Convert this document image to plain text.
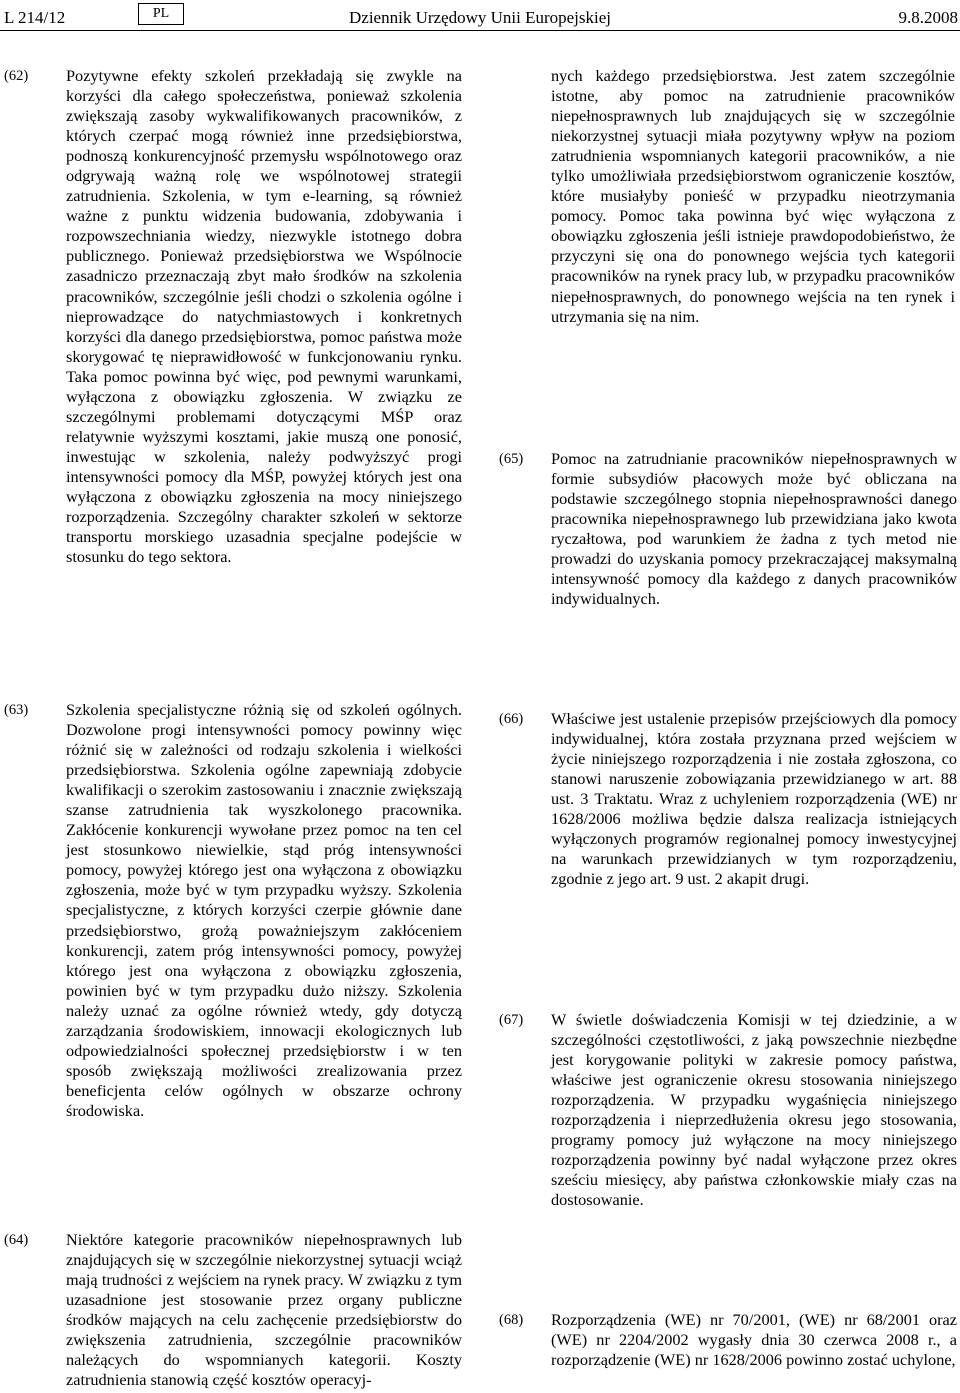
L 214/12	PL	Dziennik Urzędowy Unii Europejskiej	9.8.2008
(62) Pozytywne efekty szkoleń przekładają się zwykle na korzyści dla całego społeczeństwa, ponieważ szkolenia zwiększają zasoby wykwalifikowanych pracowników, z których czerpać mogą również inne przedsiębiorstwa, podnoszą konkurencyjność przemysłu wspólnotowego oraz odgrywają ważną rolę we wspólnotowej strategii zatrudnienia. Szkolenia, w tym e-learning, są również ważne z punktu widzenia budowania, zdobywania i rozpowszechniania wiedzy, niezwykle istotnego dobra publicznego. Ponieważ przedsiębiorstwa we Wspólnocie zasadniczo przeznaczają zbyt mało środków na szkolenia pracowników, szczególnie jeśli chodzi o szkolenia ogólne i nieprowadzące do natychmiastowych i konkretnych korzyści dla danego przedsiębiorstwa, pomoc państwa może skorygować tę nieprawidłowość w funkcjonowaniu rynku. Taka pomoc powinna być więc, pod pewnymi warunkami, wyłączona z obowiązku zgłoszenia. W związku ze szczególnymi problemami dotyczącymi MŚP oraz relatywnie wyższymi kosztami, jakie muszą one ponosić, inwestując w szkolenia, należy podwyższyć progi intensywności pomocy dla MŚP, powyżej których jest ona wyłączona z obowiązku zgłoszenia na mocy niniejszego rozporządzenia. Szczególny charakter szkoleń w sektorze transportu morskiego uzasadnia specjalne podejście w stosunku do tego sektora.
(63) Szkolenia specjalistyczne różnią się od szkoleń ogólnych. Dozwolone progi intensywności pomocy powinny więc różnić się w zależności od rodzaju szkolenia i wielkości przedsiębiorstwa. Szkolenia ogólne zapewniają zdobycie kwalifikacji o szerokim zastosowaniu i znacznie zwiększają szanse zatrudnienia tak wyszkolonego pracownika. Zakłócenie konkurencji wywołane przez pomoc na ten cel jest stosunkowo niewielkie, stąd próg intensywności pomocy, powyżej którego jest ona wyłączona z obowiązku zgłoszenia, może być w tym przypadku wyższy. Szkolenia specjalistyczne, z których korzyści czerpie głównie dane przedsiębiorstwo, grożą poważniejszym zakłóceniem konkurencji, zatem próg intensywności pomocy, powyżej którego jest ona wyłączona z obowiązku zgłoszenia, powinien być w tym przypadku dużo niższy. Szkolenia należy uznać za ogólne również wtedy, gdy dotyczą zarządzania środowiskiem, innowacji ekologicznych lub odpowiedzialności społecznej przedsiębiorstw i w ten sposób zwiększają możliwości zrealizowania przez beneficjenta celów ogólnych w obszarze ochrony środowiska.
(64) Niektóre kategorie pracowników niepełnosprawnych lub znajdujących się w szczególnie niekorzystnej sytuacji wciąż mają trudności z wejściem na rynek pracy. W związku z tym uzasadnione jest stosowanie przez organy publiczne środków mających na celu zachęcenie przedsiębiorstw do zwiększenia zatrudnienia, szczególnie pracowników należących do wspomnianych kategorii. Koszty zatrudnienia stanowią część kosztów operacyj-
nych każdego przedsiębiorstwa. Jest zatem szczególnie istotne, aby pomoc na zatrudnienie pracowników niepełnosprawnych lub znajdujących się w szczególnie niekorzystnej sytuacji miała pozytywny wpływ na poziom zatrudnienia wspomnianych kategorii pracowników, a nie tylko umożliwiała przedsiębiorstwom ograniczenie kosztów, które musiałyby ponieść w przypadku nieotrzymania pomocy. Pomoc taka powinna być więc wyłączona z obowiązku zgłoszenia jeśli istnieje prawdopodobieństwo, że przyczyni się ona do ponownego wejścia tych kategorii pracowników na rynek pracy lub, w przypadku pracowników niepełnosprawnych, do ponownego wejścia na ten rynek i utrzymania się na nim.
(65) Pomoc na zatrudnianie pracowników niepełnosprawnych w formie subsydiów płacowych może być obliczana na podstawie szczególnego stopnia niepełnosprawności danego pracownika niepełnosprawnego lub przewidziana jako kwota ryczałtowa, pod warunkiem że żadna z tych metod nie prowadzi do uzyskania pomocy przekraczającej maksymalną intensywność pomocy dla każdego z danych pracowników indywidualnych.
(66) Właściwe jest ustalenie przepisów przejściowych dla pomocy indywidualnej, która została przyznana przed wejściem w życie niniejszego rozporządzenia i nie została zgłoszona, co stanowi naruszenie zobowiązania przewidzianego w art. 88 ust. 3 Traktatu. Wraz z uchyleniem rozporządzenia (WE) nr 1628/2006 możliwa będzie dalsza realizacja istniejących wyłączonych programów regionalnej pomocy inwestycyjnej na warunkach przewidzianych w tym rozporządzeniu, zgodnie z jego art. 9 ust. 2 akapit drugi.
(67) W świetle doświadczenia Komisji w tej dziedzinie, a w szczególności częstotliwości, z jaką powszechnie niezbędne jest korygowanie polityki w zakresie pomocy państwa, właściwe jest ograniczenie okresu stosowania niniejszego rozporządzenia. W przypadku wygaśnięcia niniejszego rozporządzenia i nieprzedłużenia okresu jego stosowania, programy pomocy już wyłączone na mocy niniejszego rozporządzenia powinny być nadal wyłączone przez okres sześciu miesięcy, aby państwa członkowskie miały czas na dostosowanie.
(68) Rozporządzenia (WE) nr 70/2001, (WE) nr 68/2001 oraz (WE) nr 2204/2002 wygasły dnia 30 czerwca 2008 r., a rozporządzenie (WE) nr 1628/2006 powinno zostać uchylone,
